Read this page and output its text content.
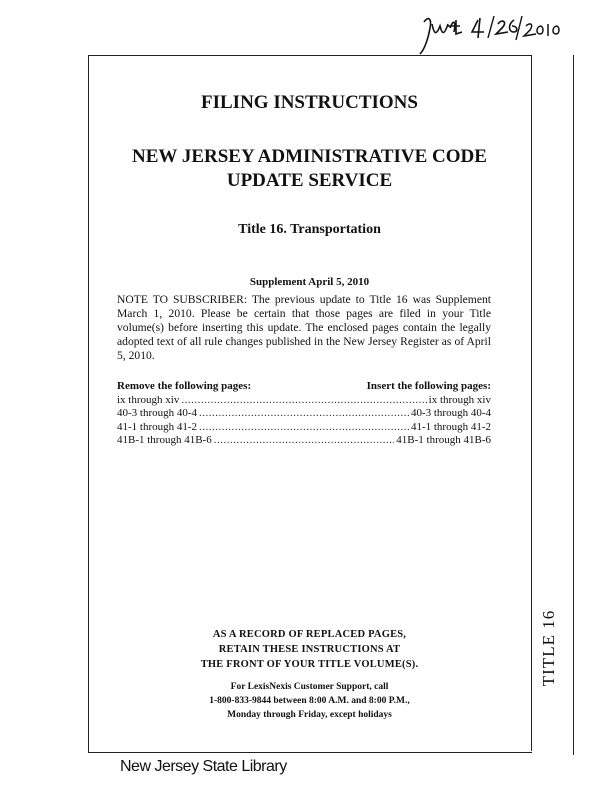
TITLE 16
FILING INSTRUCTIONS
NEW JERSEY ADMINISTRATIVE CODE
UPDATE SERVICE
Title 16. Transportation
Supplement April 5, 2010
NOTE TO SUBSCRIBER: The previous update to Title 16 was Supplement March 1, 2010. Please be certain that those pages are filed in your Title volume(s) before inserting this update. The enclosed pages contain the legally adopted text of all rule changes published in the New Jersey Register as of April 5, 2010.
Remove the following pages:	Insert the following pages:
ix through xiv .....	ix through xiv
40-3 through 40-4 .....	40-3 through 40-4
41-1 through 41-2 .....	41-1 through 41-2
41B-1 through 41B-6 .....	41B-1 through 41B-6
AS A RECORD OF REPLACED PAGES,
RETAIN THESE INSTRUCTIONS AT
THE FRONT OF YOUR TITLE VOLUME(S).
For LexisNexis Customer Support, call
1-800-833-9844 between 8:00 A.M. and 8:00 P.M.,
Monday through Friday, except holidays
New Jersey State Library
